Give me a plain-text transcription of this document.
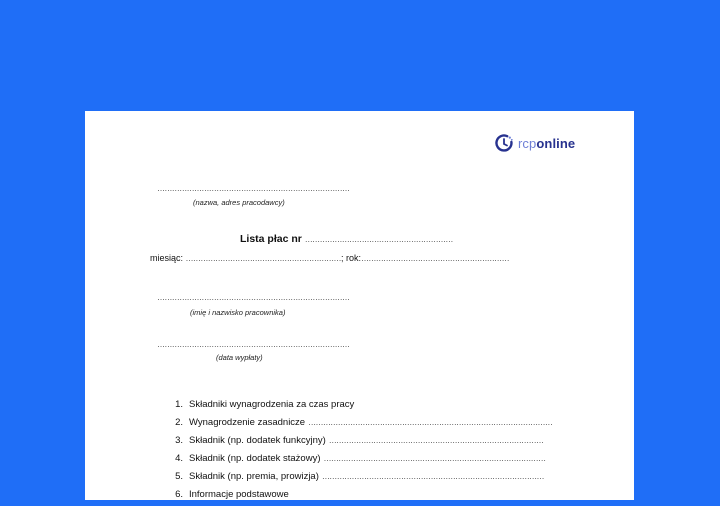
rcponline
……………………………………………………………………
(nazwa, adres pracodawcy)
Lista płac nr ……………………………………………………
miesiąc: ………………………………………………………; rok:……………………………………………………
……………………………………………………………………
(imię i nazwisko pracownika)
……………………………………………………………………
(data wypłaty)
1. Składniki wynagrodzenia za czas pracy
2. Wynagrodzenie zasadnicze ………………………………………………………………………………………
3. Składnik (np. dodatek funkcyjny) ……………………………………………………………………………
4. Składnik (np. dodatek stażowy) ………………………………………………………………………………
5. Składnik (np. premia, prowizja) ………………………………………………………………………………
6. Informacje podstawowe
